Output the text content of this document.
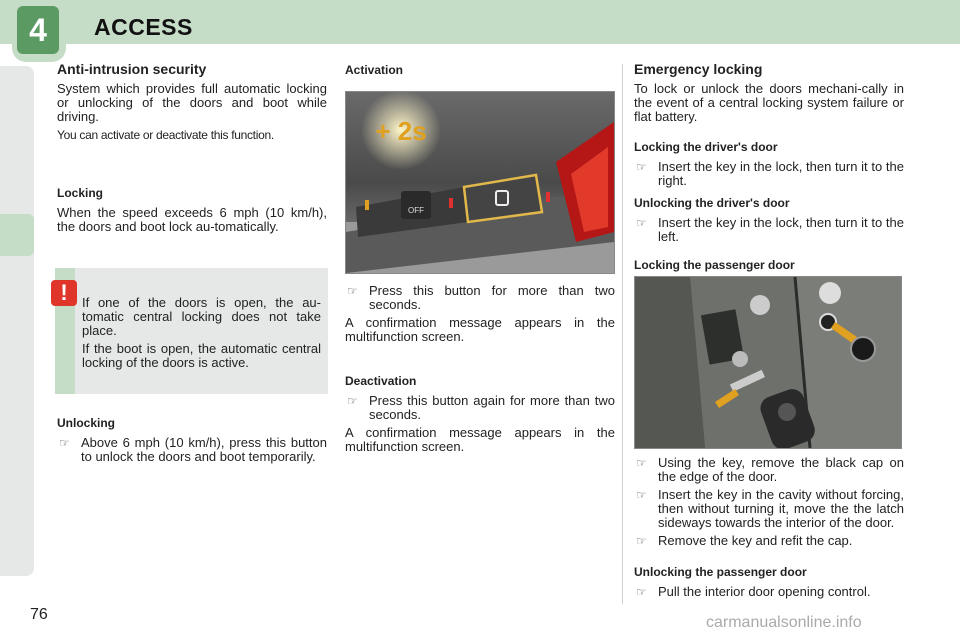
4	ACCESS
Anti-intrusion security
System which provides full automatic locking or unlocking of the doors and boot while driving.
You can activate or deactivate this function.
Locking
When the speed exceeds 6 mph (10 km/h), the doors and boot lock au-tomatically.
!	If one of the doors is open, the au-tomatic central locking does not take place.
If the boot is open, the automatic central locking of the doors is active.
Unlocking
☞ Above 6 mph (10 km/h), press this button to unlock the doors and boot temporarily.
Activation
OFF
+ 2s
☞ Press this button for more than two seconds.
A confirmation message appears in the multifunction screen.
Deactivation
☞ Press this button again for more than two seconds.
A confirmation message appears in the multifunction screen.
Emergency locking
To lock or unlock the doors mechani-cally in the event of a central locking system failure or flat battery.
Locking the driver's door
☞ Insert the key in the lock, then turn it to the right.
Unlocking the driver's door
☞ Insert the key in the lock, then turn it to the left.
Locking the passenger door
☞ Using the key, remove the black cap on the edge of the door.
☞ Insert the key in the cavity without forcing, then without turning it, move the the latch sideways towards the interior of the door.
☞ Remove the key and refit the cap.
Unlocking the passenger door
☞ Pull the interior door opening control.
76	carmanualsonline.info
